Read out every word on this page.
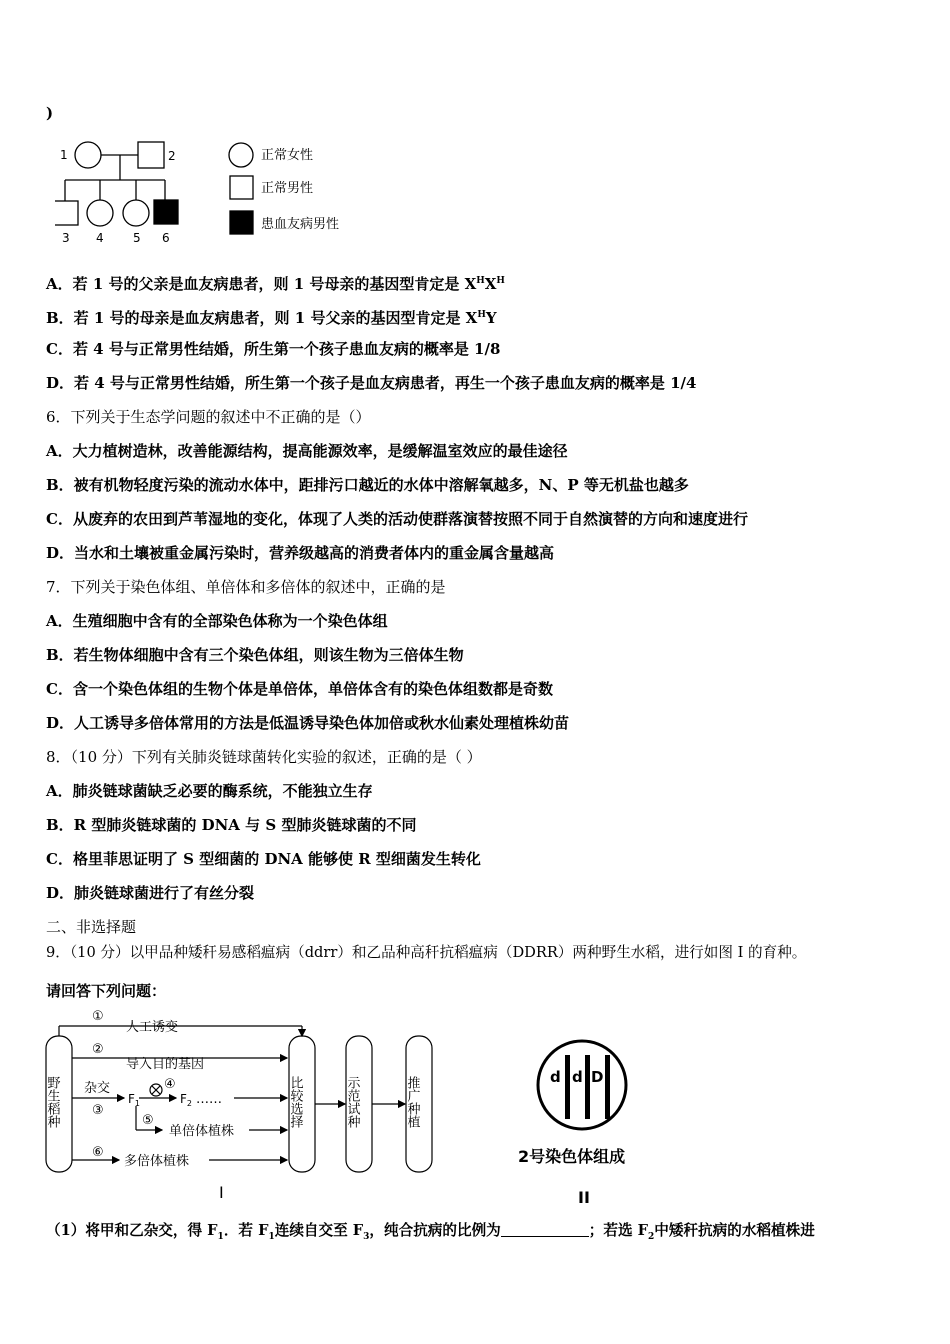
)
1	2
3 4 5 6
正常女性
正常男性
患血友病男性
A．若 1 号的父亲是血友病患者，则 1 号母亲的基因型肯定是 $X^HX^H$
B．若 1 号的母亲是血友病患者，则 1 号父亲的基因型肯定是 $X^HY$
C．若 4 号与正常男性结婚，所生第一个孩子患血友病的概率是 1/8
D．若 4 号与正常男性结婚，所生第一个孩子是血友病患者，再生一个孩子患血友病的概率是 1/4
6．下列关于生态学问题的叙述中不正确的是（）
A．大力植树造林，改善能源结构，提高能源效率，是缓解温室效应的最佳途径
B．被有机物轻度污染的流动水体中，距排污口越近的水体中溶解氧越多，N、P 等无机盐也越多
C．从废弃的农田到芦苇湿地的变化，体现了人类的活动使群落演替按照不同于自然演替的方向和速度进行
D．当水和土壤被重金属污染时，营养级越高的消费者体内的重金属含量越高
7．下列关于染色体组、单倍体和多倍体的叙述中，正确的是
A．生殖细胞中含有的全部染色体称为一个染色体组
B．若生物体细胞中含有三个染色体组，则该生物为三倍体生物
C．含一个染色体组的生物个体是单倍体，单倍体含有的染色体组数都是奇数
D．人工诱导多倍体常用的方法是低温诱导染色体加倍或秋水仙素处理植株幼苗
8．（10 分）下列有关肺炎链球菌转化实验的叙述，正确的是（ ）
A．肺炎链球菌缺乏必要的酶系统，不能独立生存
B．R 型肺炎链球菌的 DNA 与 S 型肺炎链球菌的不同
C．格里菲思证明了 S 型细菌的 DNA 能够使 R 型细菌发生转化
D．肺炎链球菌进行了有丝分裂
二、非选择题
9．（10 分）以甲品种矮秆易感稻瘟病（ddrr）和乙品种高秆抗稻瘟病（DDRR）两种野生水稻，进行如图 I 的育种。
请回答下列问题：
野生稻种	比较选择	示范试种	推广种植
①
人工诱变
②
导入目的基因
杂交
③
④
$F_1$	$F_2$ ……
⑤
单倍体植株
⑥
多倍体植株
I
d d D
2号染色体组成
II
（1）将甲和乙杂交，得 $F_1$．若 $F_1$连续自交至 $F_3$，纯合抗病的比例为	；若选 $F_2$中矮秆抗病的水稻植株进
